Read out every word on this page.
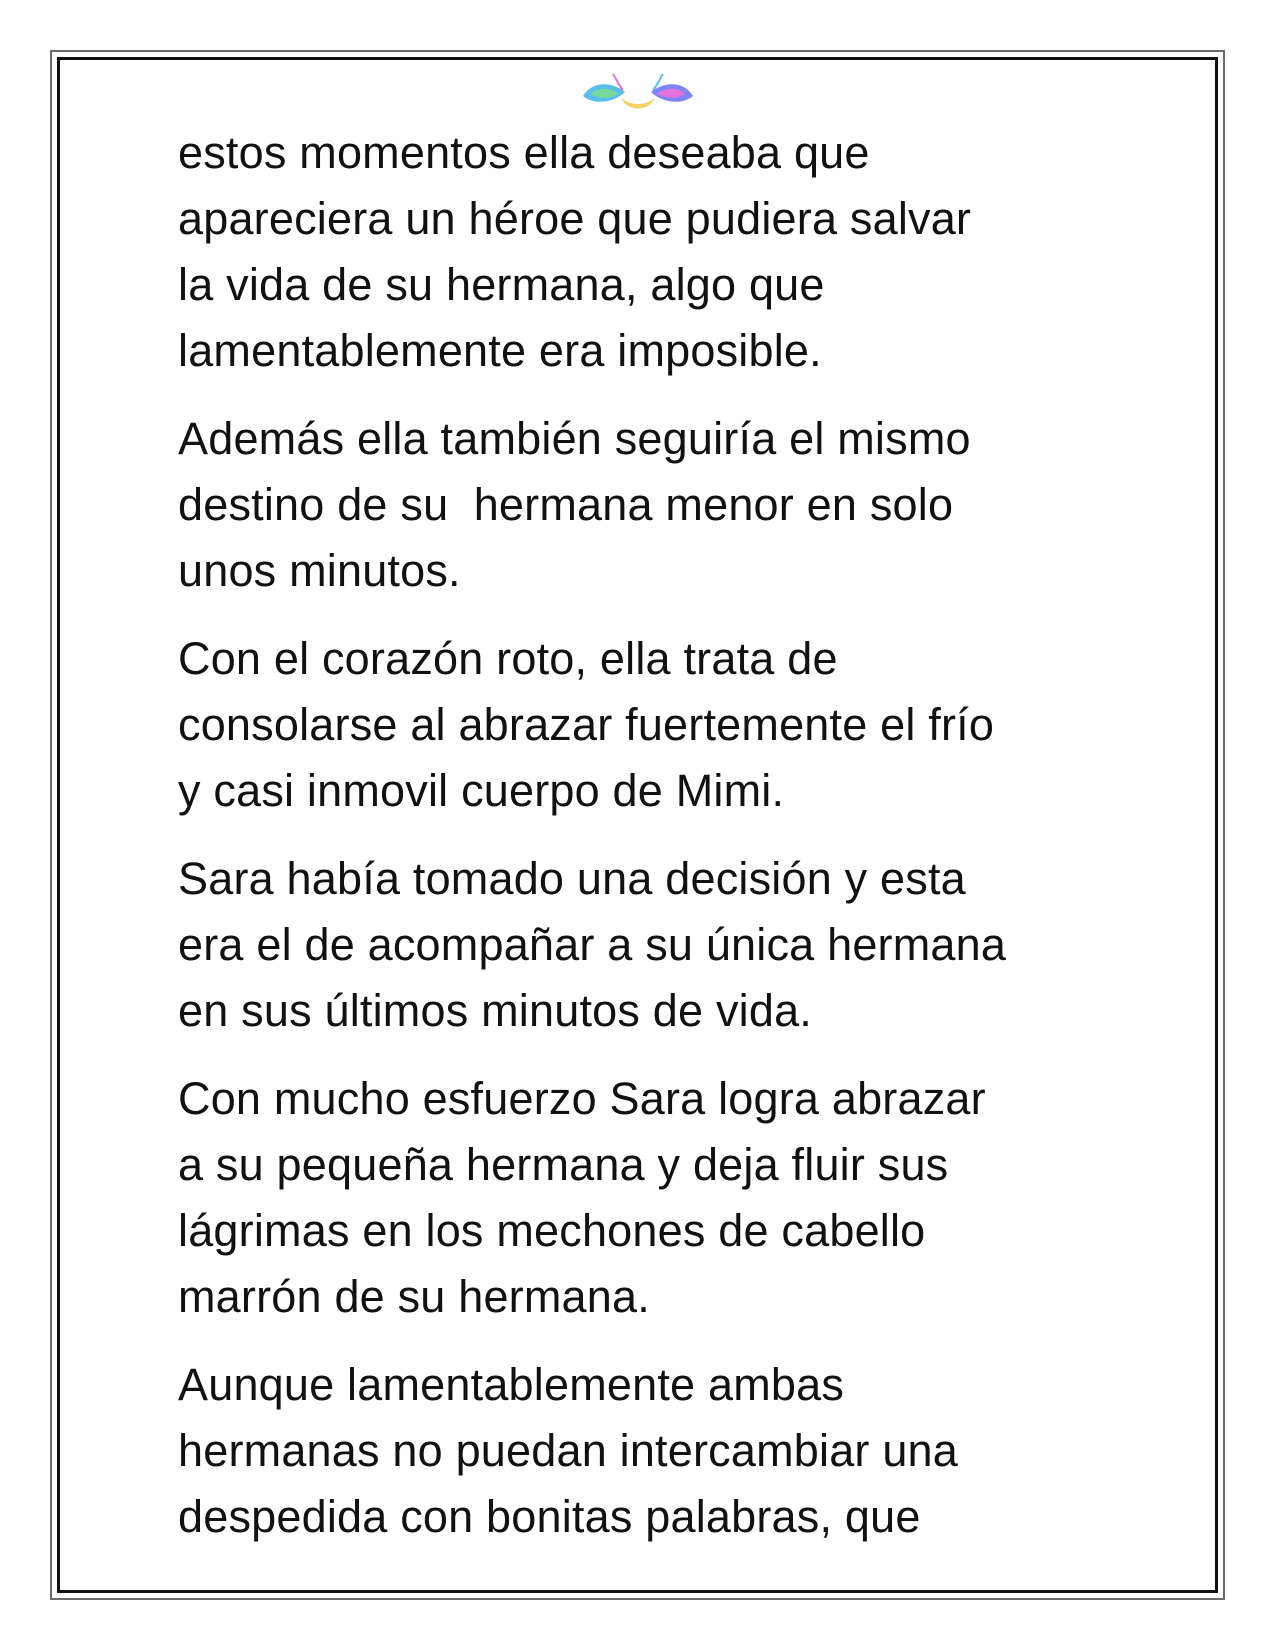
estos momentos ella deseaba que
apareciera un héroe que pudiera salvar
la vida de su hermana, algo que
lamentablemente era imposible.

Además ella también seguiría el mismo
destino de su  hermana menor en solo
unos minutos.

Con el corazón roto, ella trata de
consolarse al abrazar fuertemente el frío
y casi inmovil cuerpo de Mimi.

Sara había tomado una decisión y esta
era el de acompañar a su única hermana
en sus últimos minutos de vida.

Con mucho esfuerzo Sara logra abrazar
a su pequeña hermana y deja fluir sus
lágrimas en los mechones de cabello
marrón de su hermana.

Aunque lamentablemente ambas
hermanas no puedan intercambiar una
despedida con bonitas palabras, que
